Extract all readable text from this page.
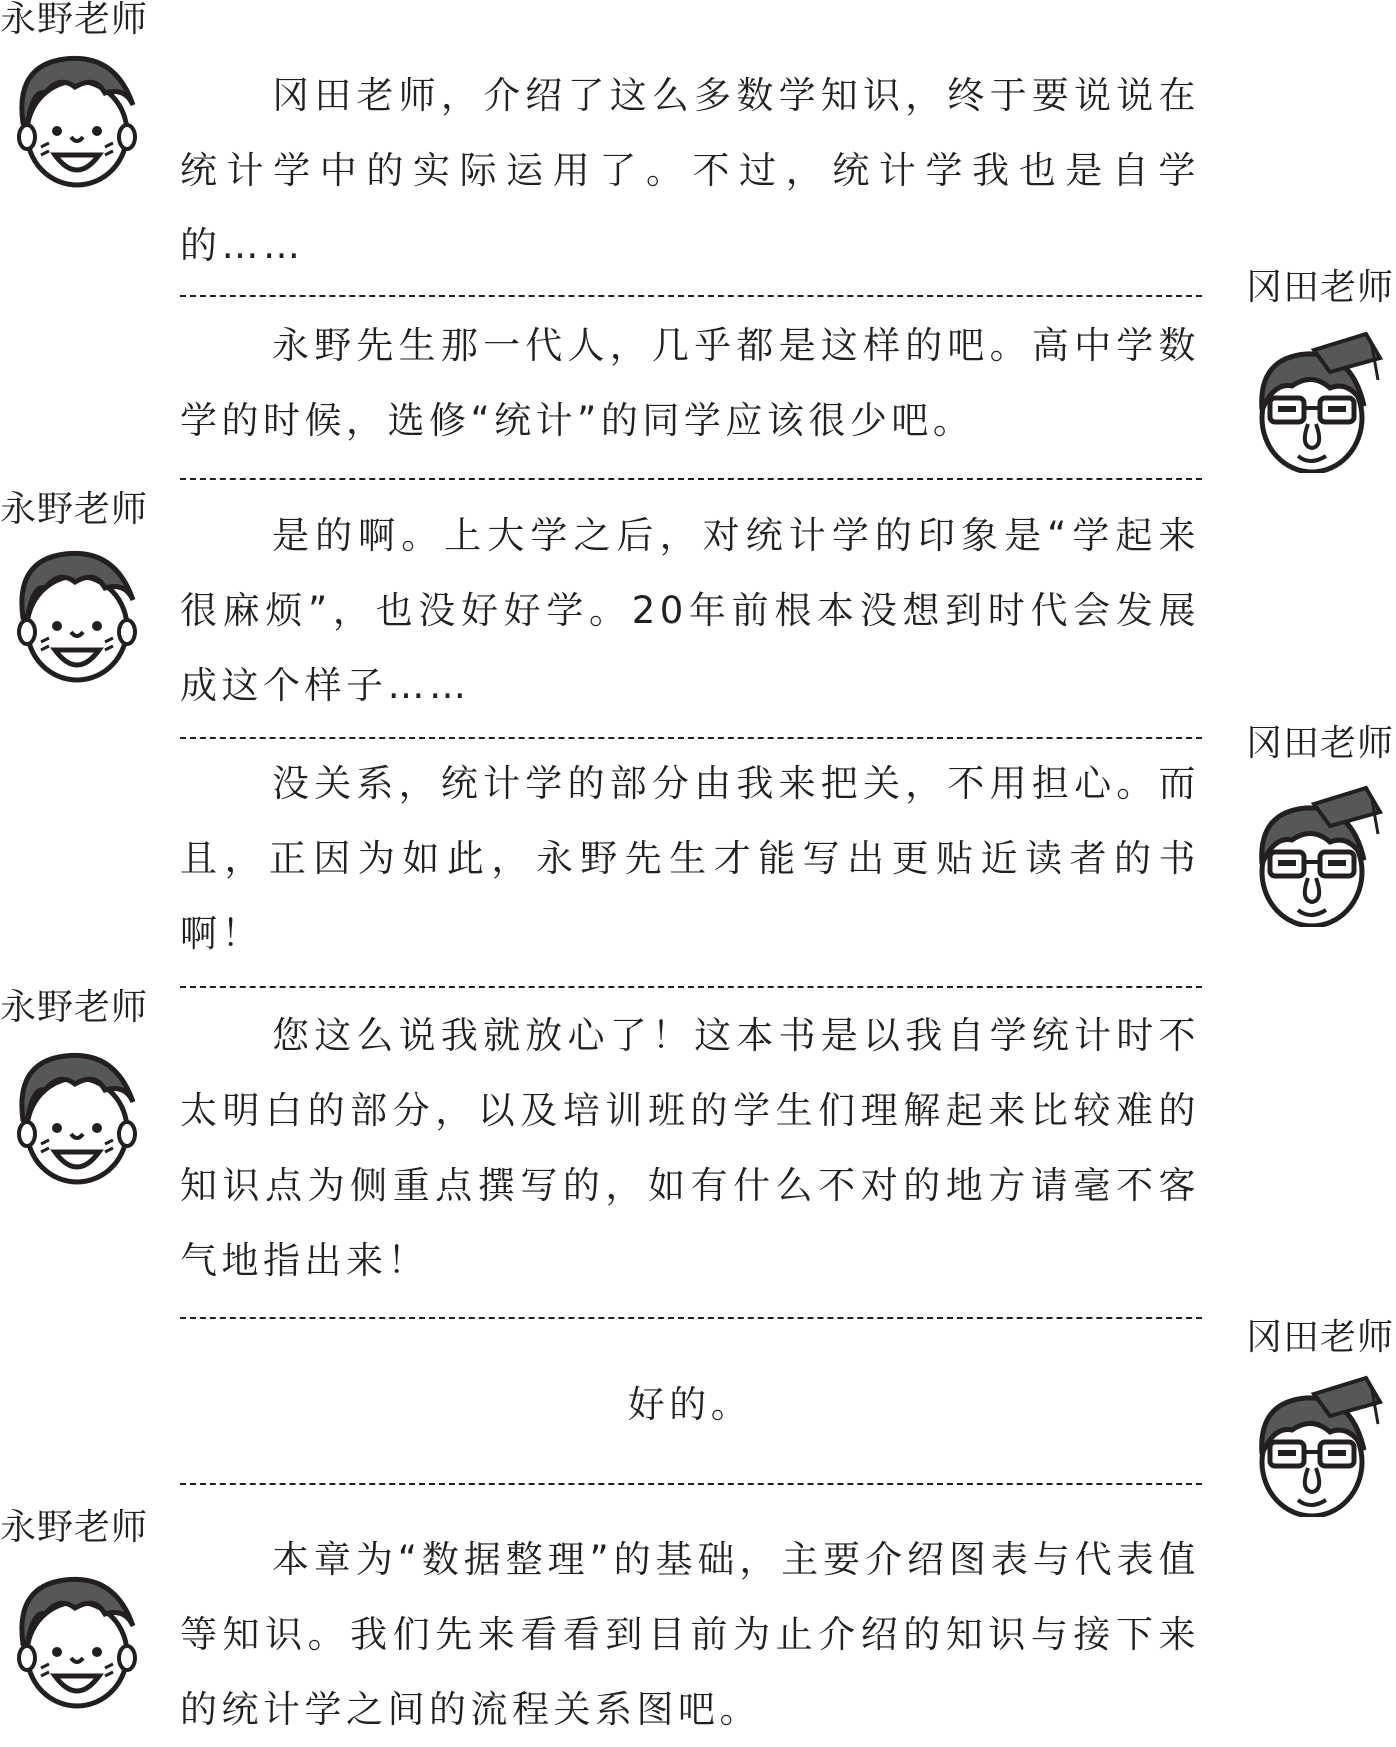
永野老师

冈田老师，介绍了这么多数学知识，终于要说说在统计学中的实际运用了。不过，统计学我也是自学的……

冈田老师

永野先生那一代人，几乎都是这样的吧。高中学数学的时候，选修“统计”的同学应该很少吧。

永野老师

是的啊。上大学之后，对统计学的印象是“学起来很麻烦”，也没好好学。20年前根本没想到时代会发展成这个样子……

冈田老师

没关系，统计学的部分由我来把关，不用担心。而且，正因为如此，永野先生才能写出更贴近读者的书啊！

永野老师

您这么说我就放心了！这本书是以我自学统计时不太明白的部分，以及培训班的学生们理解起来比较难的知识点为侧重点撰写的，如有什么不对的地方请毫不客气地指出来！

冈田老师

好的。

永野老师

本章为“数据整理”的基础，主要介绍图表与代表值等知识。我们先来看看到目前为止介绍的知识与接下来的统计学之间的流程关系图吧。
